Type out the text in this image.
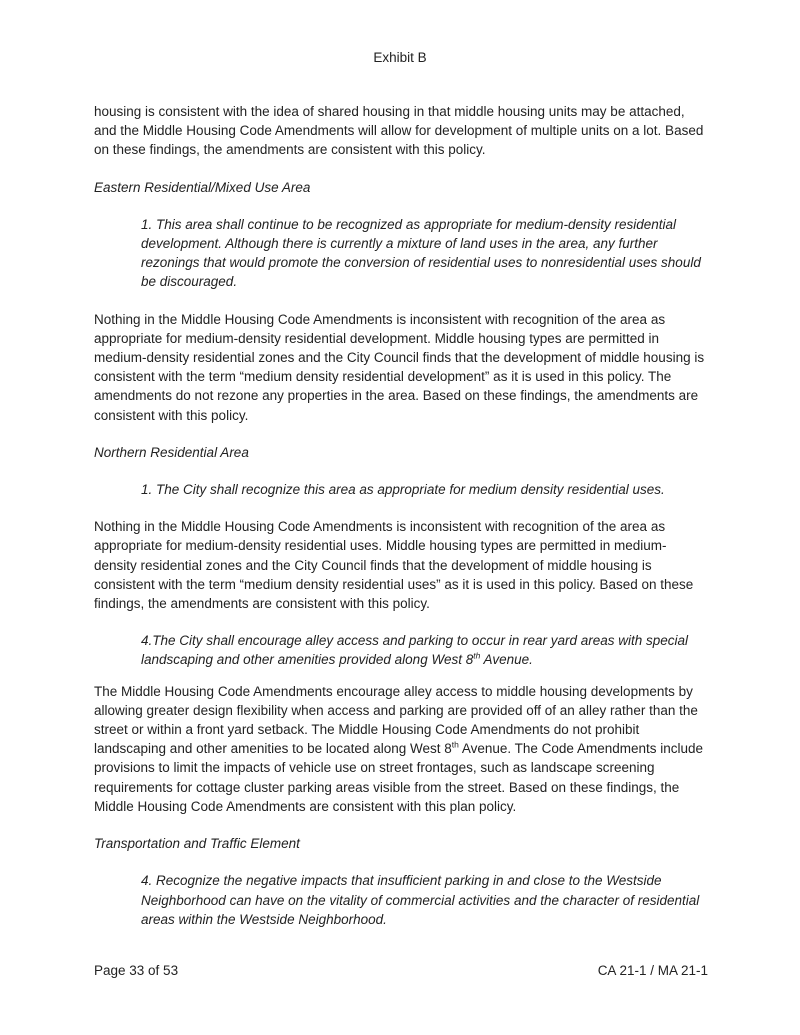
Exhibit B

housing is consistent with the idea of shared housing in that middle housing units may be attached, and the Middle Housing Code Amendments will allow for development of multiple units on a lot. Based on these findings, the amendments are consistent with this policy.

Eastern Residential/Mixed Use Area

1. This area shall continue to be recognized as appropriate for medium-density residential development. Although there is currently a mixture of land uses in the area, any further rezonings that would promote the conversion of residential uses to nonresidential uses should be discouraged.

Nothing in the Middle Housing Code Amendments is inconsistent with recognition of the area as appropriate for medium-density residential development. Middle housing types are permitted in medium-density residential zones and the City Council finds that the development of middle housing is consistent with the term “medium density residential development” as it is used in this policy. The amendments do not rezone any properties in the area. Based on these findings, the amendments are consistent with this policy.

Northern Residential Area

1. The City shall recognize this area as appropriate for medium density residential uses.

Nothing in the Middle Housing Code Amendments is inconsistent with recognition of the area as appropriate for medium-density residential uses. Middle housing types are permitted in medium-density residential zones and the City Council finds that the development of middle housing is consistent with the term “medium density residential uses” as it is used in this policy. Based on these findings, the amendments are consistent with this policy.

4.The City shall encourage alley access and parking to occur in rear yard areas with special landscaping and other amenities provided along West 8th Avenue.

The Middle Housing Code Amendments encourage alley access to middle housing developments by allowing greater design flexibility when access and parking are provided off of an alley rather than the street or within a front yard setback. The Middle Housing Code Amendments do not prohibit landscaping and other amenities to be located along West 8th Avenue. The Code Amendments include provisions to limit the impacts of vehicle use on street frontages, such as landscape screening requirements for cottage cluster parking areas visible from the street. Based on these findings, the Middle Housing Code Amendments are consistent with this plan policy.

Transportation and Traffic Element

4. Recognize the negative impacts that insufficient parking in and close to the Westside Neighborhood can have on the vitality of commercial activities and the character of residential areas within the Westside Neighborhood.

Page 33 of 53	CA 21-1 / MA 21-1
